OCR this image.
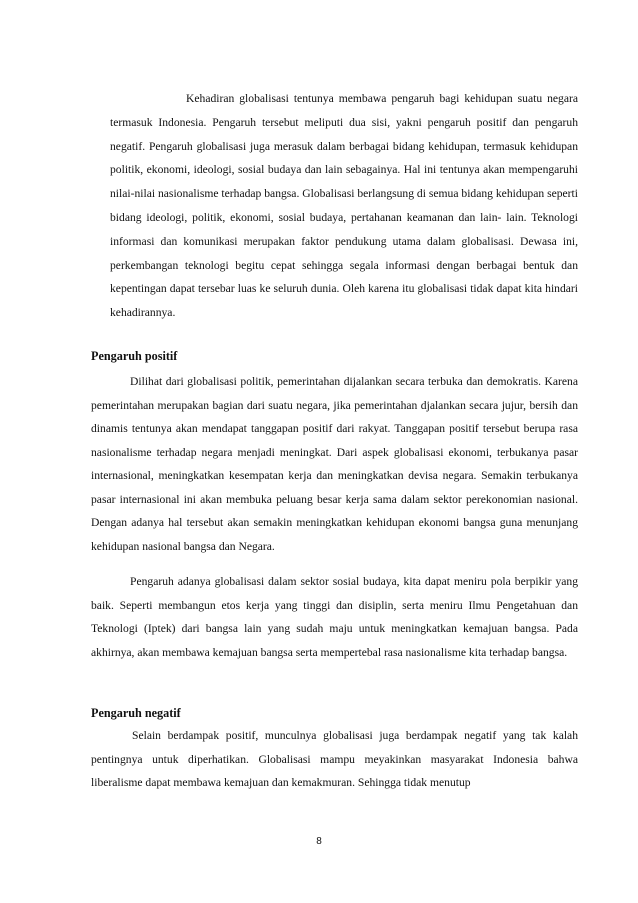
Kehadiran globalisasi tentunya membawa pengaruh bagi kehidupan suatu negara termasuk Indonesia. Pengaruh tersebut meliputi dua sisi, yakni pengaruh positif dan pengaruh negatif. Pengaruh globalisasi juga merasuk dalam berbagai bidang kehidupan, termasuk kehidupan politik, ekonomi, ideologi, sosial budaya dan lain sebagainya. Hal ini tentunya akan mempengaruhi nilai-nilai nasionalisme terhadap bangsa. Globalisasi berlangsung di semua bidang kehidupan seperti bidang ideologi, politik, ekonomi, sosial budaya, pertahanan keamanan dan lain- lain. Teknologi informasi dan komunikasi merupakan faktor pendukung utama dalam globalisasi. Dewasa ini, perkembangan teknologi begitu cepat sehingga segala informasi dengan berbagai bentuk dan kepentingan dapat tersebar luas ke seluruh dunia. Oleh karena itu globalisasi tidak dapat kita hindari kehadirannya.

Pengaruh positif

Dilihat dari globalisasi politik, pemerintahan dijalankan secara terbuka dan demokratis. Karena pemerintahan merupakan bagian dari suatu negara, jika pemerintahan djalankan secara jujur, bersih dan dinamis tentunya akan mendapat tanggapan positif dari rakyat. Tanggapan positif tersebut berupa rasa nasionalisme terhadap negara menjadi meningkat. Dari aspek globalisasi ekonomi, terbukanya pasar internasional, meningkatkan kesempatan kerja dan meningkatkan devisa negara. Semakin terbukanya pasar internasional ini akan membuka peluang besar kerja sama dalam sektor perekonomian nasional. Dengan adanya hal tersebut akan semakin meningkatkan kehidupan ekonomi bangsa guna menunjang kehidupan nasional bangsa dan Negara.

Pengaruh adanya globalisasi dalam sektor sosial budaya, kita dapat meniru pola berpikir yang baik. Seperti membangun etos kerja yang tinggi dan disiplin, serta meniru Ilmu Pengetahuan dan Teknologi (Iptek) dari bangsa lain yang sudah maju untuk meningkatkan kemajuan bangsa. Pada akhirnya, akan membawa kemajuan bangsa serta mempertebal rasa nasionalisme kita terhadap bangsa.

Pengaruh negatif

Selain berdampak positif, munculnya globalisasi juga berdampak negatif yang tak kalah pentingnya untuk diperhatikan. Globalisasi mampu meyakinkan masyarakat Indonesia bahwa liberalisme dapat membawa kemajuan dan kemakmuran. Sehingga tidak menutup

8
